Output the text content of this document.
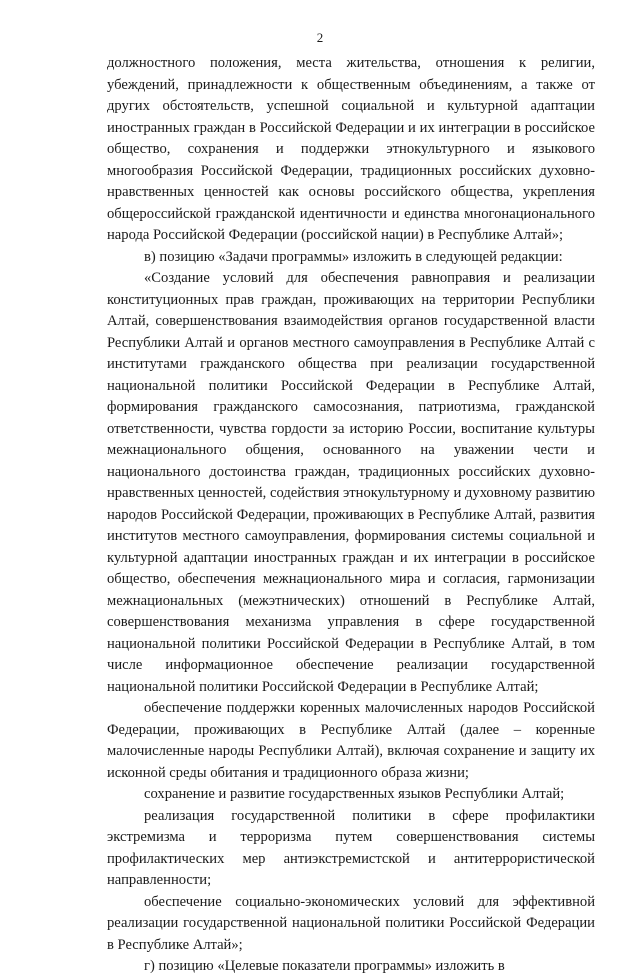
2

должностного положения, места жительства, отношения к религии, убеждений, принадлежности к общественным объединениям, а также от других обстоятельств, успешной социальной и культурной адаптации иностранных граждан в Российской Федерации и их интеграции в российское общество, сохранения и поддержки этнокультурного и языкового многообразия Российской Федерации, традиционных российских духовно-нравственных ценностей как основы российского общества, укрепления общероссийской гражданской идентичности и единства многонационального народа Российской Федерации (российской нации) в Республике Алтай»;

в) позицию «Задачи программы» изложить в следующей редакции:

«Создание условий для обеспечения равноправия и реализации конституционных прав граждан, проживающих на территории Республики Алтай, совершенствования взаимодействия органов государственной власти Республики Алтай и органов местного самоуправления в Республике Алтай с институтами гражданского общества при реализации государственной национальной политики Российской Федерации в Республике Алтай, формирования гражданского самосознания, патриотизма, гражданской ответственности, чувства гордости за историю России, воспитание культуры межнационального общения, основанного на уважении чести и национального достоинства граждан, традиционных российских духовно-нравственных ценностей, содействия этнокультурному и духовному развитию народов Российской Федерации, проживающих в Республике Алтай, развития институтов местного самоуправления, формирования системы социальной и культурной адаптации иностранных граждан и их интеграции в российское общество, обеспечения межнационального мира и согласия, гармонизации межнациональных (межэтнических) отношений в Республике Алтай, совершенствования механизма управления в сфере государственной национальной политики Российской Федерации в Республике Алтай, в том числе информационное обеспечение реализации государственной национальной политики Российской Федерации в Республике Алтай;

обеспечение поддержки коренных малочисленных народов Российской Федерации, проживающих в Республике Алтай (далее – коренные малочисленные народы Республики Алтай), включая сохранение и защиту их исконной среды обитания и традиционного образа жизни;

сохранение и развитие государственных языков Республики Алтай;

реализация государственной политики в сфере профилактики экстремизма и терроризма путем совершенствования системы профилактических мер антиэкстремистской и антитеррористической направленности;

обеспечение социально-экономических условий для эффективной реализации государственной национальной политики Российской Федерации в Республике Алтай»;

г) позицию «Целевые показатели программы» изложить в
